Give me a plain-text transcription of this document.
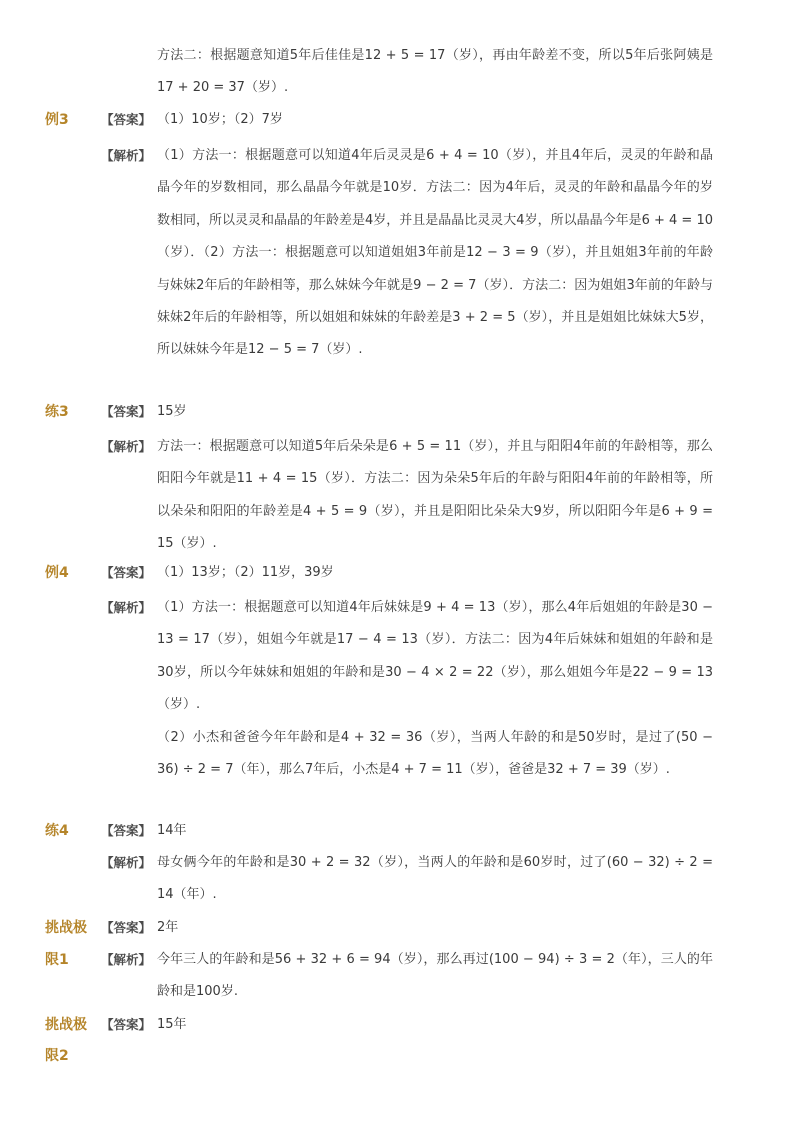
方法二：根据题意知道5年后佳佳是12 + 5 = 17（岁），再由年龄差不变，所以5年后张阿姨是17 + 20 = 37（岁）.

例3	【答案】 （1）10岁；（2）7岁
【解析】 （1）方法一：根据题意可以知道4年后灵灵是6 + 4 = 10（岁），并且4年后，灵灵的年龄和晶晶今年的岁数相同，那么晶晶今年就是10岁．方法二：因为4年后，灵灵的年龄和晶晶今年的岁数相同，所以灵灵和晶晶的年龄差是4岁，并且是晶晶比灵灵大4岁，所以晶晶今年是6 + 4 = 10（岁）．（2）方法一：根据题意可以知道姐姐3年前是12 − 3 = 9（岁），并且姐姐3年前的年龄与妹妹2年后的年龄相等，那么妹妹今年就是9 − 2 = 7（岁）．方法二：因为姐姐3年前的年龄与妹妹2年后的年龄相等，所以姐姐和妹妹的年龄差是3 + 2 = 5（岁），并且是姐姐比妹妹大5岁，所以妹妹今年是12 − 5 = 7（岁）.

练3	【答案】 15岁
【解析】 方法一：根据题意可以知道5年后朵朵是6 + 5 = 11（岁），并且与阳阳4年前的年龄相等，那么阳阳今年就是11 + 4 = 15（岁）．方法二：因为朵朵5年后的年龄与阳阳4年前的年龄相等，所以朵朵和阳阳的年龄差是4 + 5 = 9（岁），并且是阳阳比朵朵大9岁，所以阳阳今年是6 + 9 = 15（岁）.

例4	【答案】 （1）13岁；（2）11岁，39岁
【解析】 （1）方法一：根据题意可以知道4年后妹妹是9 + 4 = 13（岁），那么4年后姐姐的年龄是30 − 13 = 17（岁），姐姐今年就是17 − 4 = 13（岁）．方法二：因为4年后妹妹和姐姐的年龄和是30岁，所以今年妹妹和姐姐的年龄和是30 − 4 × 2 = 22（岁），那么姐姐今年是22 − 9 = 13（岁）.

（2）小杰和爸爸今年年龄和是4 + 32 = 36（岁），当两人年龄的和是50岁时，是过了(50 − 36) ÷ 2 = 7（年），那么7年后，小杰是4 + 7 = 11（岁），爸爸是32 + 7 = 39（岁）.

练4	【答案】 14年
【解析】 母女俩今年的年龄和是30 + 2 = 32（岁），当两人的年龄和是60岁时，过了(60 − 32) ÷ 2 = 14（年）.

挑战极
限1
【答案】 2年
【解析】 今年三人的年龄和是56 + 32 + 6 = 94（岁），那么再过(100 − 94) ÷ 3 = 2（年），三人的年龄和是100岁.

挑战极
限2
【答案】 15年
